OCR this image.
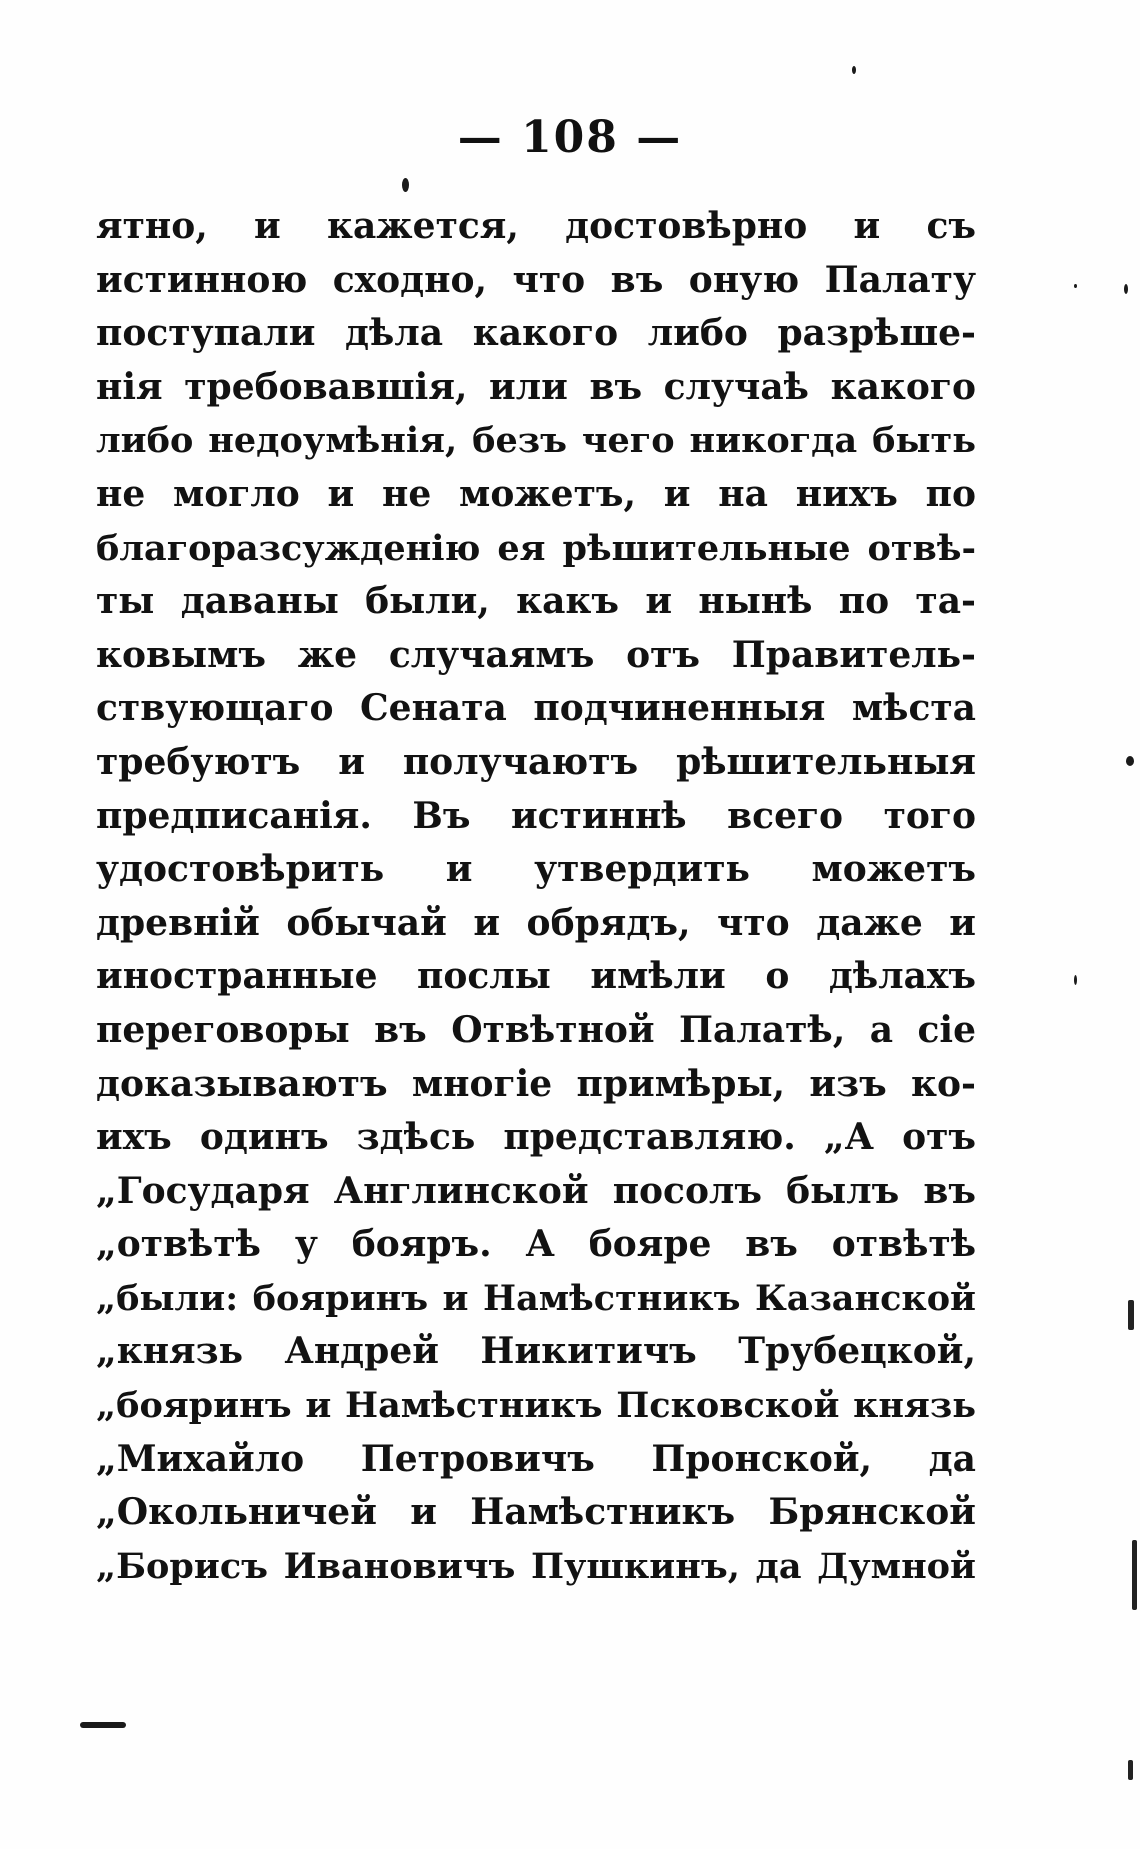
— 108 —
ятно, и кажется, достовѣрно и съ
истинною сходно, что въ оную Палату
поступали дѣла какого либо разрѣше-
нія требовавшія, или въ случаѣ какого
либо недоумѣнія, безъ чего никогда быть
не могло и не можетъ, и на нихъ по
благоразсужденію ея рѣшительные отвѣ-
ты даваны были, какъ и нынѣ по та-
ковымъ же случаямъ отъ Правитель-
ствующаго Сената подчиненныя мѣста
требуютъ и получаютъ рѣшительныя
предписанія. Въ истиннѣ всего того
удостовѣрить и утвердить можетъ
древній обычай и обрядъ, что даже и
иностранные послы имѣли о дѣлахъ
переговоры въ Отвѣтной Палатѣ, а сіе
доказываютъ многіе примѣры, изъ ко-
ихъ одинъ здѣсь представляю. „А отъ
„Государя Англинской посолъ былъ въ
„отвѣтѣ у бояръ. А бояре въ отвѣтѣ
„были: бояринъ и Намѣстникъ Казанской
„князь Андрей Никитичъ Трубецкой,
„бояринъ и Намѣстникъ Псковской князь
„Михайло Петровичъ Пронской, да
„Окольничей и Намѣстникъ Брянской
„Борисъ Ивановичъ Пушкинъ, да Думной
